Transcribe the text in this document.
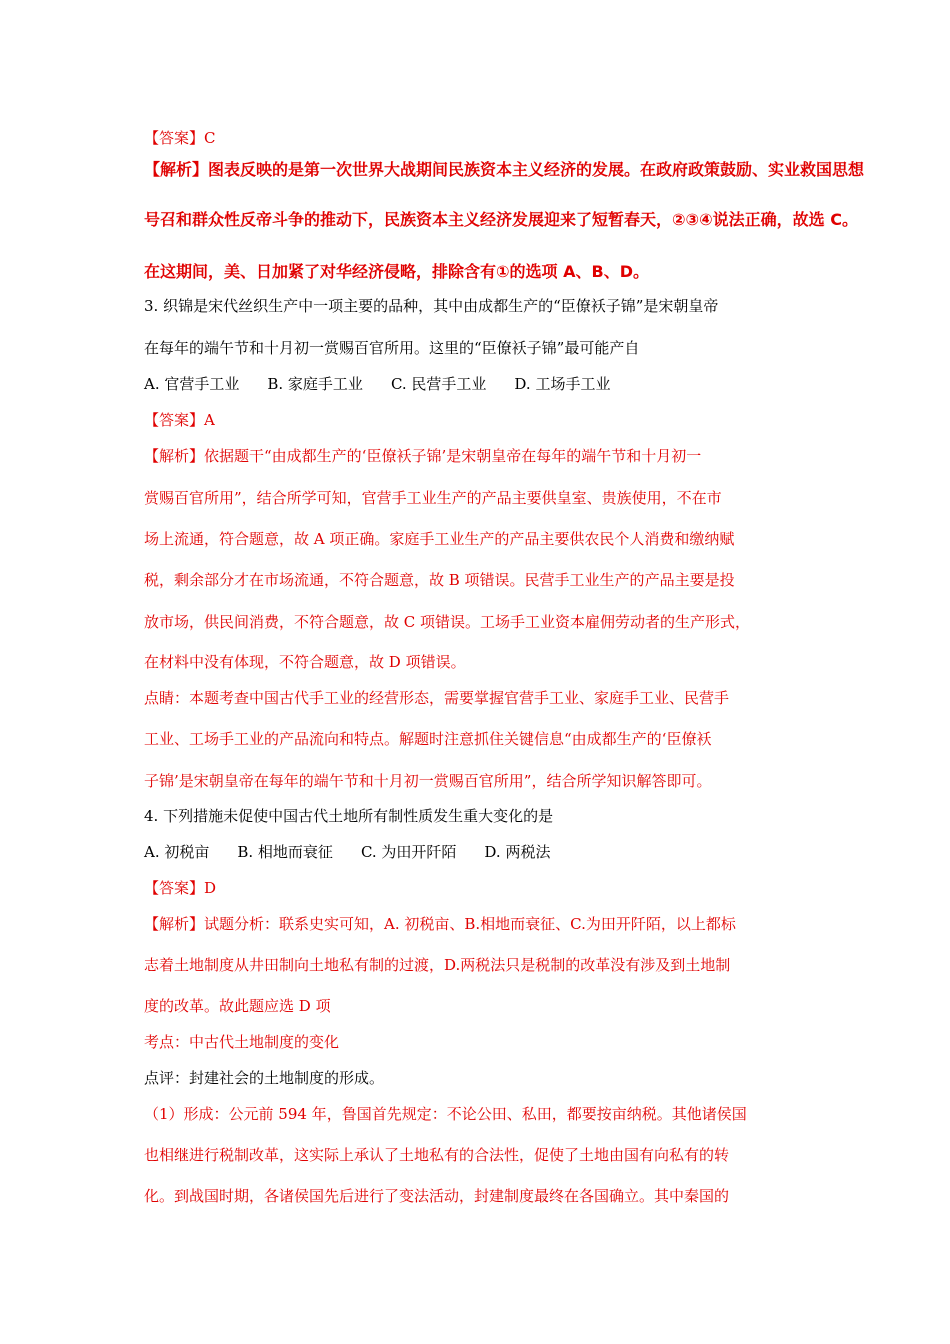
【答案】C
【解析】图表反映的是第一次世界大战期间民族资本主义经济的发展。在政府政策鼓励、实业救国思想
号召和群众性反帝斗争的推动下，民族资本主义经济发展迎来了短暂春天，②③④说法正确，故选 C。
在这期间，美、日加紧了对华经济侵略，排除含有①的选项 A、B、D。
3. 织锦是宋代丝织生产中一项主要的品种，其中由成都生产的“臣僚袄子锦”是宋朝皇帝
在每年的端午节和十月初一赏赐百官所用。这里的“臣僚袄子锦”最可能产自
A. 官营手工业 B. 家庭手工业 C. 民营手工业 D. 工场手工业
【答案】A
【解析】依据题干“由成都生产的‘臣僚袄子锦’是宋朝皇帝在每年的端午节和十月初一
赏赐百官所用”，结合所学可知，官营手工业生产的产品主要供皇室、贵族使用，不在市
场上流通，符合题意，故 A 项正确。家庭手工业生产的产品主要供农民个人消费和缴纳赋
税，剩余部分才在市场流通，不符合题意，故 B 项错误。民营手工业生产的产品主要是投
放市场，供民间消费，不符合题意，故 C 项错误。工场手工业资本雇佣劳动者的生产形式，
在材料中没有体现，不符合题意，故 D 项错误。
点睛：本题考查中国古代手工业的经营形态，需要掌握官营手工业、家庭手工业、民营手
工业、工场手工业的产品流向和特点。解题时注意抓住关键信息“由成都生产的‘臣僚袄
子锦’是宋朝皇帝在每年的端午节和十月初一赏赐百官所用”，结合所学知识解答即可。
4. 下列措施未促使中国古代土地所有制性质发生重大变化的是
A. 初税亩 B. 相地而衰征 C. 为田开阡陌 D. 两税法
【答案】D
【解析】试题分析：联系史实可知，A. 初税亩、B.相地而衰征、C.为田开阡陌，以上都标
志着土地制度从井田制向土地私有制的过渡，D.两税法只是税制的改革没有涉及到土地制
度的改革。故此题应选 D 项
考点：中古代土地制度的变化
点评：封建社会的土地制度的形成。
（1）形成：公元前 594 年，鲁国首先规定：不论公田、私田，都要按亩纳税。其他诸侯国
也相继进行税制改革，这实际上承认了土地私有的合法性，促使了土地由国有向私有的转
化。到战国时期，各诸侯国先后进行了变法活动，封建制度最终在各国确立。其中秦国的
